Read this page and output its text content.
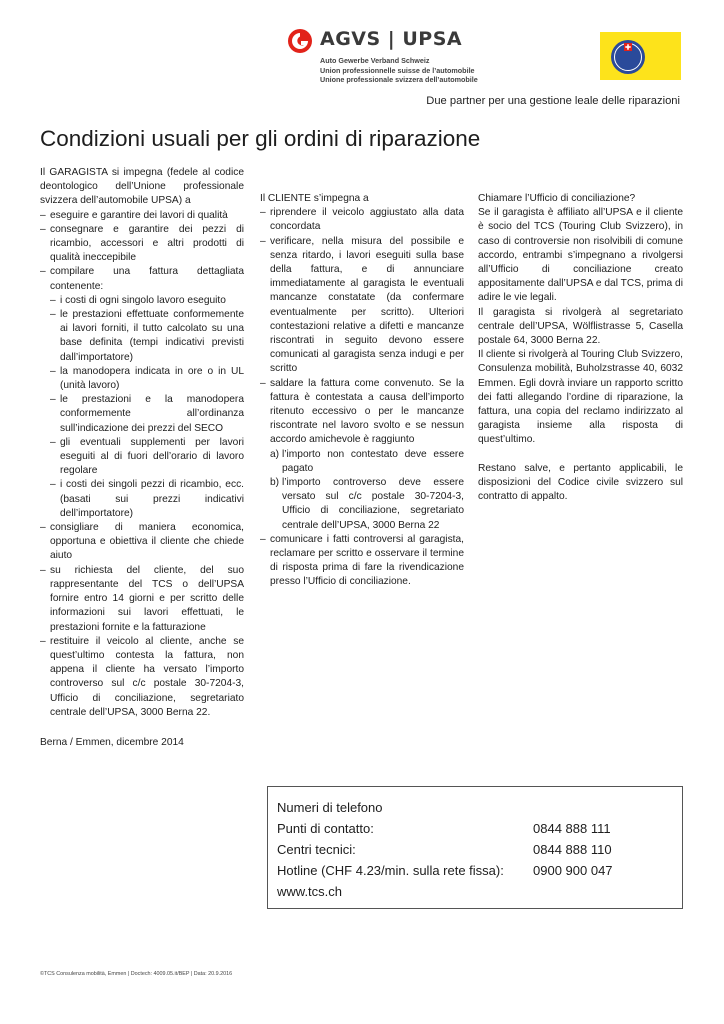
AGVS | UPSA
Auto Gewerbe Verband Schweiz
Union professionnelle suisse de l’automobile
Unione professionale svizzera dell’automobile
Due partner per una gestione leale delle riparazioni
Condizioni usuali per gli ordini di riparazione

Il GARAGISTA si impegna (fedele al codice deontologico dell’Unione professionale svizzera dell’automobile UPSA) a

– eseguire e garantire dei lavori di qualità
– consegnare e garantire dei pezzi di ricambio, accessori e altri prodotti di qualità ineccepibile
– compilare una fattura dettagliata contenente:
– i costi di ogni singolo lavoro eseguito
– le prestazioni effettuate conformemente ai lavori forniti, il tutto calcolato su una base definita (tempi indicativi previsti dall’importatore)
– la manodopera indicata in ore o in UL (unità lavoro)
– le prestazioni e la manodopera conformemente all’ordinanza sull’indicazione dei prezzi del SECO
– gli eventuali supplementi per lavori eseguiti al di fuori dell’orario di lavoro regolare
– i costi dei singoli pezzi di ricambio, ecc. (basati sui prezzi indicativi dell’importatore)
– consigliare di maniera economica, opportuna e obiettiva il cliente che chiede aiuto
– su richiesta del cliente, del suo rappresentante del TCS o dell’UPSA fornire entro 14 giorni e per scritto delle informazioni sui lavori effettuati, le prestazioni fornite e la fatturazione
– restituire il veicolo al cliente, anche se quest’ultimo contesta la fattura, non appena il cliente ha versato l’importo controverso sul c/c postale 30-7204-3, Ufficio di conciliazione, segretariato centrale dell’UPSA, 3000 Berna 22.

Il CLIENTE s’impegna a

– riprendere il veicolo aggiustato alla data concordata
– verificare, nella misura del possibile e senza ritardo, i lavori eseguiti sulla base della fattura, e di annunciare immediatamente al garagista le eventuali mancanze constatate (da confermare eventualmente per scritto). Ulteriori contestazioni relative a difetti e mancanze riscontrati in seguito devono essere comunicati al garagista senza indugi e per scritto
– saldare la fattura come convenuto. Se la fattura è contestata a causa dell’importo ritenuto eccessivo o per le mancanze riscontrate nel lavoro svolto e se nessun accordo amichevole è raggiunto
a) l’importo non contestato deve essere pagato
b) l’importo controverso deve essere versato sul c/c postale 30-7204-3, Ufficio di conciliazione, segretariato centrale dell’UPSA, 3000 Berna 22
– comunicare i fatti controversi al garagista, reclamare per scritto e osservare il termine di risposta prima di fare la rivendicazione presso l’Ufficio di conciliazione.

Chiamare l’Ufficio di conciliazione?

Se il garagista è affiliato all’UPSA e il cliente è socio del TCS (Touring Club Svizzero), in caso di controversie non risolvibili di comune accordo, entrambi s’impegnano a rivolgersi all’Ufficio di conciliazione creato appositamente dall’UPSA e dal TCS, prima di adire le vie legali.

Il garagista si rivolgerà al segretariato centrale dell’UPSA, Wölflistrasse 5, Casella postale 64, 3000 Berna 22.

Il cliente si rivolgerà al Touring Club Svizzero, Consulenza mobilità, Buholzstrasse 40, 6032 Emmen. Egli dovrà inviare un rapporto scritto dei fatti allegando l’ordine di riparazione, la fattura, una copia del reclamo indirizzato al garagista insieme alla risposta di quest’ultimo.

Restano salve, e pertanto applicabili, le disposizioni del Codice civile svizzero sul contratto di appalto.

Berna / Emmen, dicembre 2014
Numeri di telefono
Punti di contatto:	0844 888 111
Centri tecnici:	0844 888 110
Hotline (CHF 4.23/min. sulla rete fissa): 0900 900 047
www.tcs.ch
©TCS Consulenza mobilità, Emmen | Doctech: 4009.05.it/BEP | Data: 20.9.2016
